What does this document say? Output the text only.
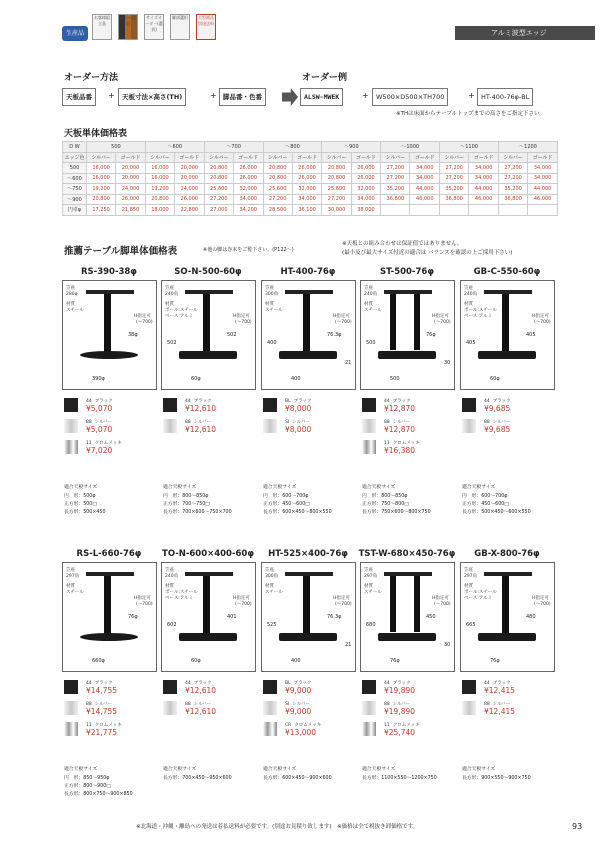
生産品
お客様組立品
カラー選択
サイズオーダー(選択)
脚部選択	大型商品別途送料
アルミ波型エッジ
オーダー方法	オーダー例
天板品番	+	天板寸法×高さ(TH)	+ 脚品番・色番	ALSW-MWEK	+	W500×D500×TH700	+ HT-400-76φ-BL
※THは床面からテーブルトップまでの高さをご指定下さい。
天板単体価格表
D W	500		〜600		〜700		〜800		〜900		〜1000		〜1100		〜1200	
エッジ色	シルバー	ゴールド	シルバー	ゴールド	シルバー	ゴールド	シルバー	ゴールド	シルバー	ゴールド	シルバー	ゴールド	シルバー	ゴールド	シルバー	ゴールド
500	16,000	20,000	16,000	20,000	20,800	26,000	20,800	26,000	20,800	26,000	27,200	34,000	27,200	34,000	27,200	34,000
〜600	16,000	20,000	16,000	20,000	20,800	26,000	20,800	26,000	20,800	26,000	27,200	34,000	27,200	34,000	27,200	34,000
〜750	19,200	24,000	19,200	24,000	25,600	32,000	25,600	32,000	25,600	32,000	35,200	44,000	35,200	44,000	35,200	44,000
〜900	20,800	26,000	20,800	26,000	27,200	34,000	27,200	34,000	27,200	34,000	36,800	46,000	36,800	46,000	36,800	46,000
円卓φ	17,250	21,850	18,000	22,800	27,000	34,200	28,500	36,100	30,000	38,000						
推薦テーブル脚単体価格表	※他の脚は巻末をご覧下さい。(P122〜)
※天板との組み合わせは保証值ではありません。
(最小及び最大サイズ付近の適合は バランスを確認の上ご採用下さい)
RS-390-38φ
笠座
280φ
材質
スチール
H指定可
(〜700)
38φ
390φ
44 ブラック
¥5,070
88 シルバー
¥5,070
11 クロムメッキ
¥7,020
適合天板サイズ
円　形：500φ
正方形：500□
長方形：500×450
SO-N-500-60φ
笠座
240角
材質
ポール:スチール
ベース:アルミ	H指定可
(〜700)
502
60φ
502
44 ブラック
¥12,610
88 シルバー
¥12,610
適合天板サイズ
円　形：800〜850φ
正方形：700〜750□
長方形：700×600〜750×700
HT-400-76φ
笠座
300角
材質
スチール
H指定可
(〜700)
76.3φ
400
400
21
BL ブラック
¥8,000
SI シルバー
¥8,000
適合天板サイズ
円　形：600〜700φ
正方形：450〜600□
長方形：600×450〜800×550
ST-500-76φ
笠座
240角
材質
スチール
H指定可
(〜700)
76φ
500
500
30
44 ブラック
¥12,870
88 シルバー
¥12,870
11 クロムメッキ
¥16,380
適合天板サイズ
円　形：800〜850φ
正方形：750〜800□
長方形：750×600〜800×750
GB-C-550-60φ
笠座
240角
材質
ポール:スチール
ベース:アルミ	H指定可
(〜700)
405
60φ
405
44 ブラック
¥9,685
88 シルバー
¥9,685
適合天板サイズ
円　形：600〜700φ
正方形：450〜600□
長方形：500×450〜600×550
RS-L-660-76φ
笠座
297角
材質
スチール
H指定可
(〜700)
76φ
660φ
44 ブラック
¥14,755
88 シルバー
¥14,755
11 クロムメッキ
¥21,775
適合天板サイズ
円　形：850〜950φ
正方形：800〜900□
長方形：800×750〜900×850
TO-N-600×400-60φ
笠座
240角
材質
ポール:スチール
ベース:アルミ	H指定可
(〜700)
401
60φ
602
44 ブラック
¥12,610
88 シルバー
¥12,610
適合天板サイズ
長方形：700×450〜950×600
HT-525×400-76φ
笠座
300角
材質
スチール
H指定可
(〜700)
76.3φ
400
525
21
BL ブラック
¥9,000
SI シルバー
¥9,000
CR クロムメッキ
¥13,000
適合天板サイズ
長方形：600×450〜900×600
TST-W-680×450-76φ
笠座
297角
材質
スチール
H指定可
(〜700)
450
76φ
680
30
44 ブラック
¥19,890
88 シルバー
¥19,890
11 クロムメッキ
¥25,740
適合天板サイズ
長方形：1100×550〜1200×750
GB-X-800-76φ
笠座
297角
材質
ポール:スチール
ベース:アルミ	H指定可
(〜700)
480
76φ
665
44 ブラック
¥12,415
88 シルバー
¥12,415
適合天板サイズ
長方形：900×550〜900×750
※北海道・沖縄・離島への発送は着払送料が必要です。(別途お見積り致します)　※価格は全て税抜き卸価格です。	93
